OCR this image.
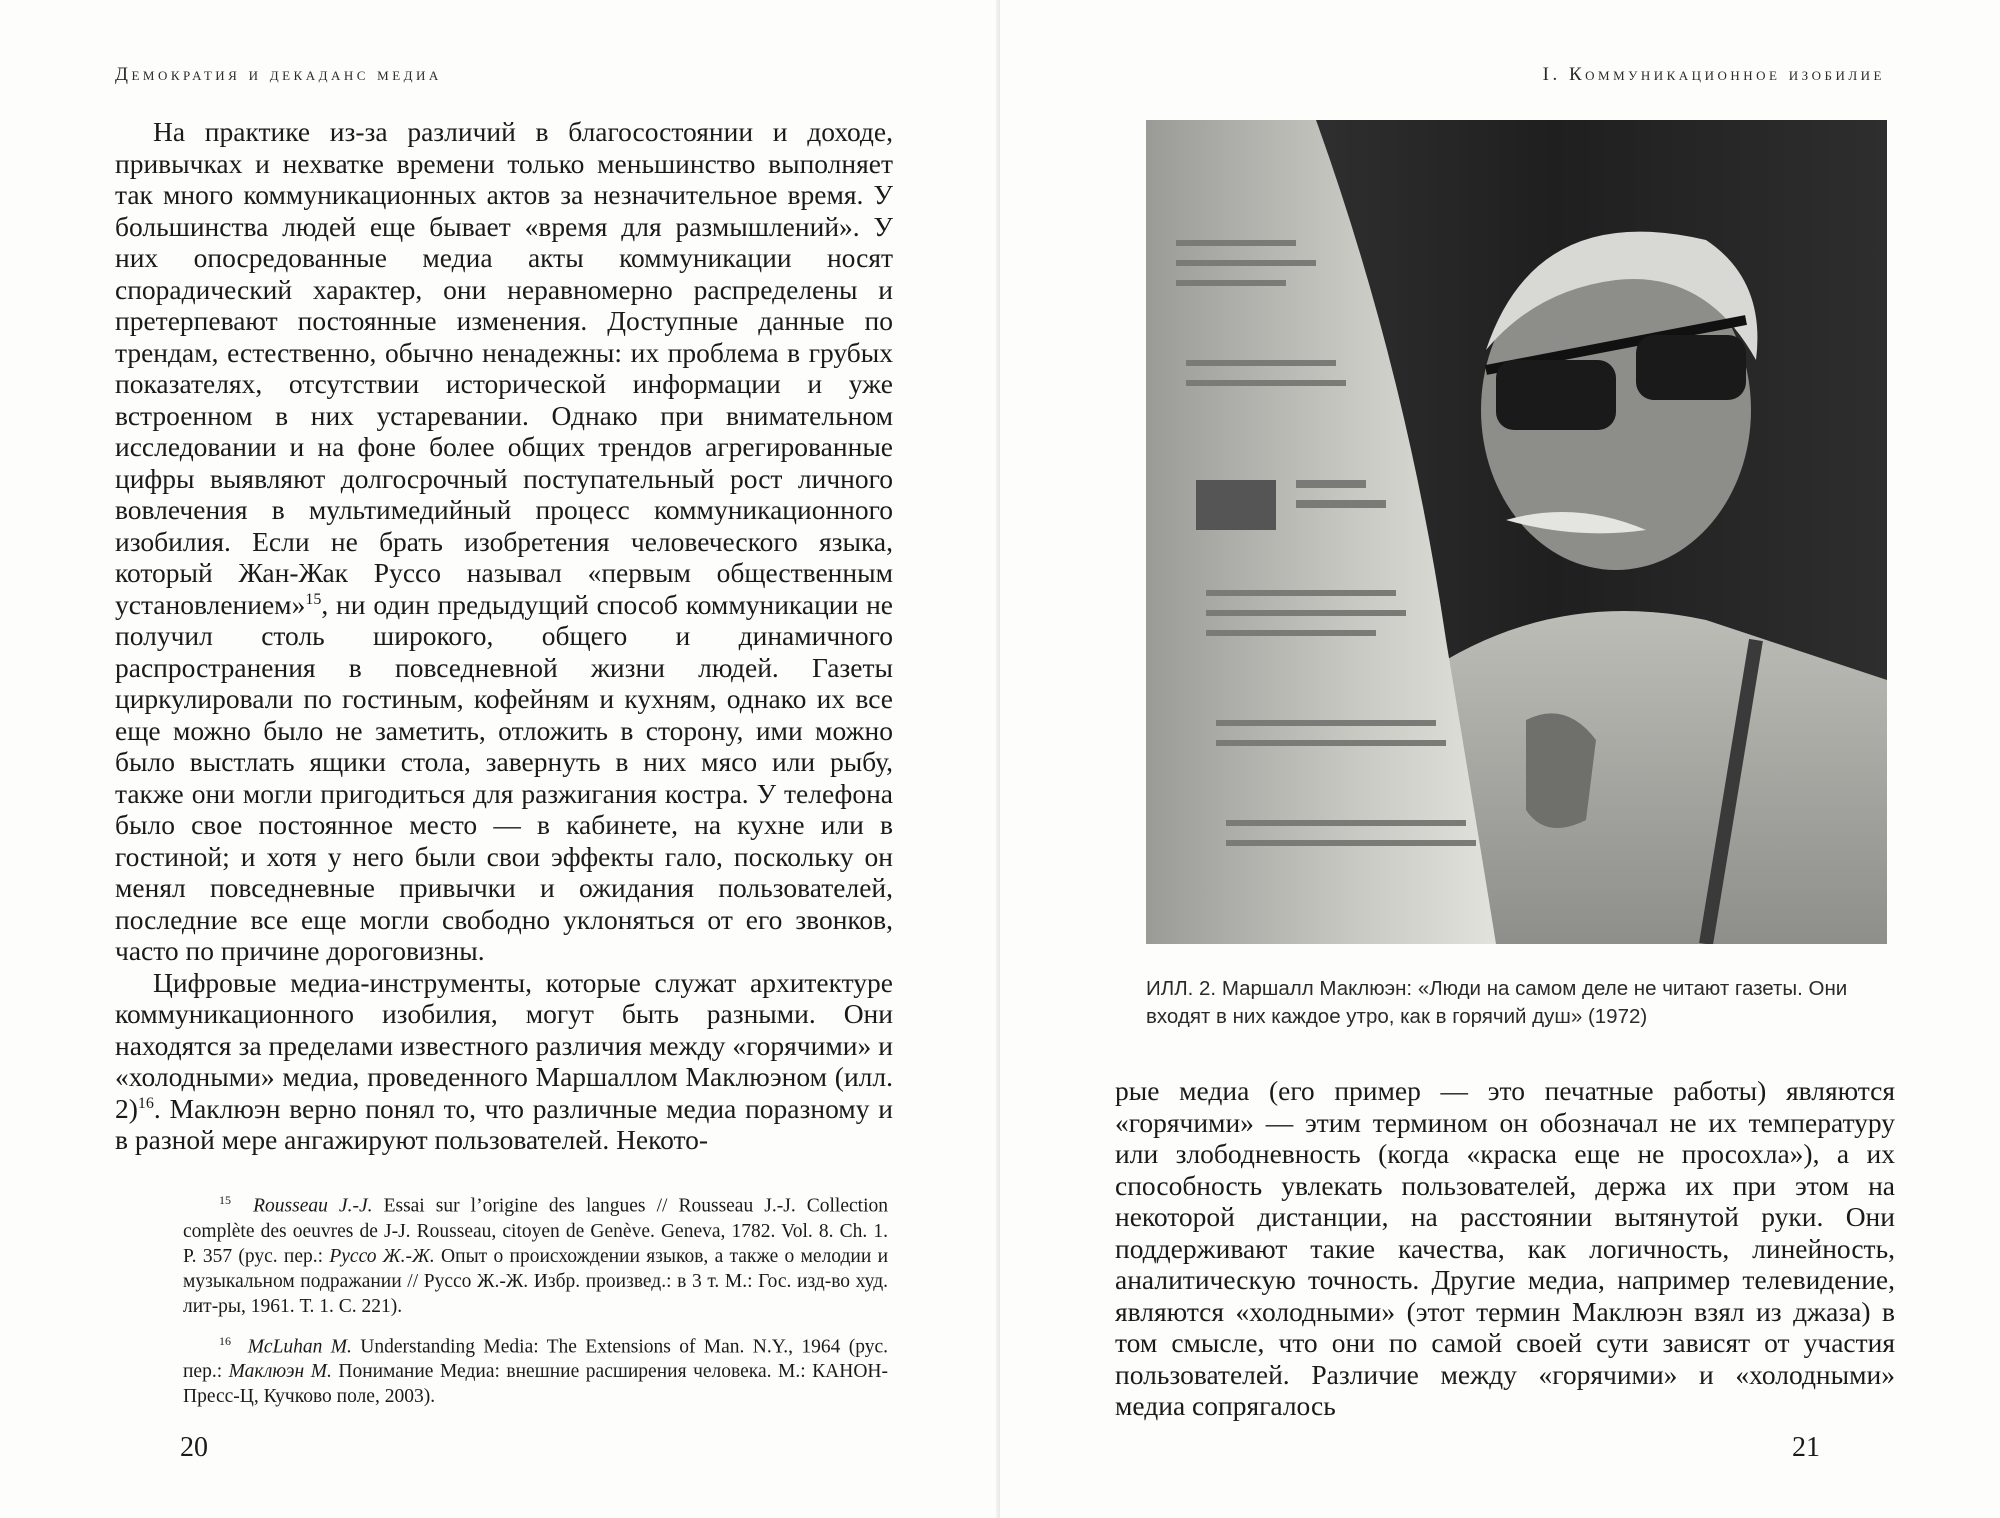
Демократия и декаданс медиа

На практике из-за различий в благосостоянии и доходе, привычках и нехватке времени только меньшинство выполняет так много коммуникационных актов за незначительное время. У большинства людей еще бывает «время для размышлений». У них опосредованные медиа акты коммуникации носят спорадический характер, они неравномерно распределены и претерпевают постоянные изменения. Доступные данные по трендам, естественно, обычно ненадежны: их проблема в грубых показателях, отсутствии исторической информации и уже встроенном в них устаревании. Однако при внимательном исследовании и на фоне более общих трендов агрегированные цифры выявляют долгосрочный поступательный рост личного вовлечения в мультимедийный процесс коммуникационного изобилия. Если не брать изобретения человеческого языка, который Жан-Жак Руссо называл «первым общественным установлением»$^{15}$, ни один предыдущий способ коммуникации не получил столь широкого, общего и динамичного распространения в повседневной жизни людей. Газеты циркулировали по гостиным, кофейням и кухням, однако их все еще можно было не заметить, отложить в сторону, ими можно было выстлать ящики стола, завернуть в них мясо или рыбу, также они могли пригодиться для разжигания костра. У телефона было свое постоянное место — в кабинете, на кухне или в гостиной; и хотя у него были свои эффекты гало, поскольку он менял повседневные привычки и ожидания пользователей, последние все еще могли свободно уклоняться от его звонков, часто по причине дороговизны.

Цифровые медиа-инструменты, которые служат архитектуре коммуникационного изобилия, могут быть разными. Они находятся за пределами известного различия между «горячими» и «холодными» медиа, проведенного Маршаллом Маклюэном (илл. 2)$^{16}$. Маклюэн верно понял то, что различные медиа поразному и в разной мере ангажируют пользователей. Некото-

$^{15}$ Rousseau J.-J. Essai sur l’origine des langues // Rousseau J.-J. Collection complète des oeuvres de J-J. Rousseau, citoyen de Genève. Geneva, 1782. Vol. 8. Ch. 1. P. 357 (рус. пер.: Руссо Ж.-Ж. Опыт о происхождении языков, а также о мелодии и музыкальном подражании // Руссо Ж.-Ж. Избр. произвед.: в 3 т. М.: Гос. изд-во худ. лит-ры, 1961. Т. 1. С. 221).

$^{16}$ McLuhan M. Understanding Media: The Extensions of Man. N.Y., 1964 (рус. пер.: Маклюэн М. Понимание Медиа: внешние расширения человека. М.: КАНОН-Пресс-Ц, Кучково поле, 2003).

20
I. Коммуникационное изобилие
ИЛЛ. 2. Маршалл Маклюэн: «Люди на самом деле не читают газеты. Они входят в них каждое утро, как в горячий душ» (1972)

рые медиа (его пример — это печатные работы) являются «горячими» — этим термином он обозначал не их температуру или злободневность (когда «краска еще не просохла»), а их способность увлекать пользователей, держа их при этом на некоторой дистанции, на расстоянии вытянутой руки. Они поддерживают такие качества, как логичность, линейность, аналитическую точность. Другие медиа, например телевидение, являются «холодными» (этот термин Маклюэн взял из джаза) в том смысле, что они по самой своей сути зависят от участия пользователей. Различие между «горячими» и «холодными» медиа сопрягалось

21
